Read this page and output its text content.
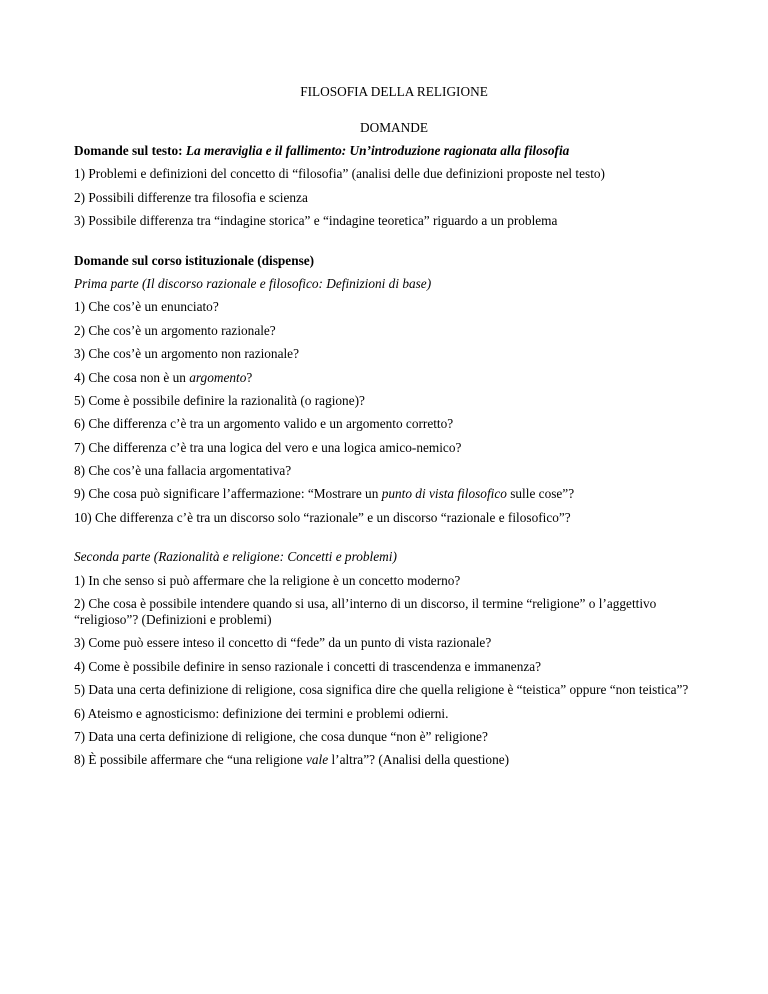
FILOSOFIA DELLA RELIGIONE

DOMANDE

Domande sul testo: La meraviglia e il fallimento: Un’introduzione ragionata alla filosofia

1) Problemi e definizioni del concetto di “filosofia” (analisi delle due definizioni proposte nel testo)
2) Possibili differenze tra filosofia e scienza
3) Possibile differenza tra “indagine storica” e “indagine teoretica” riguardo a un problema

Domande sul corso istituzionale (dispense)

Prima parte (Il discorso razionale e filosofico: Definizioni di base)

1) Che cos’è un enunciato?
2) Che cos’è un argomento razionale?
3) Che cos’è un argomento non razionale?
4) Che cosa non è un argomento?
5) Come è possibile definire la razionalità (o ragione)?
6) Che differenza c’è tra un argomento valido e un argomento corretto?
7) Che differenza c’è tra una logica del vero e una logica amico-nemico?
8) Che cos’è una fallacia argomentativa?
9) Che cosa può significare l’affermazione: “Mostrare un punto di vista filosofico sulle cose”?
10) Che differenza c’è tra un discorso solo “razionale” e un discorso “razionale e filosofico”?

Seconda parte (Razionalità e religione: Concetti e problemi)

1) In che senso si può affermare che la religione è un concetto moderno?
2) Che cosa è possibile intendere quando si usa, all’interno di un discorso, il termine “religione” o l’aggettivo “religioso”? (Definizioni e problemi)
3) Come può essere inteso il concetto di “fede” da un punto di vista razionale?
4) Come è possibile definire in senso razionale i concetti di trascendenza e immanenza?
5) Data una certa definizione di religione, cosa significa dire che quella religione è “teistica” oppure “non teistica”?
6) Ateismo e agnosticismo: definizione dei termini e problemi odierni.
7) Data una certa definizione di religione, che cosa dunque “non è” religione?
8) È possibile affermare che “una religione vale l’altra”? (Analisi della questione)
